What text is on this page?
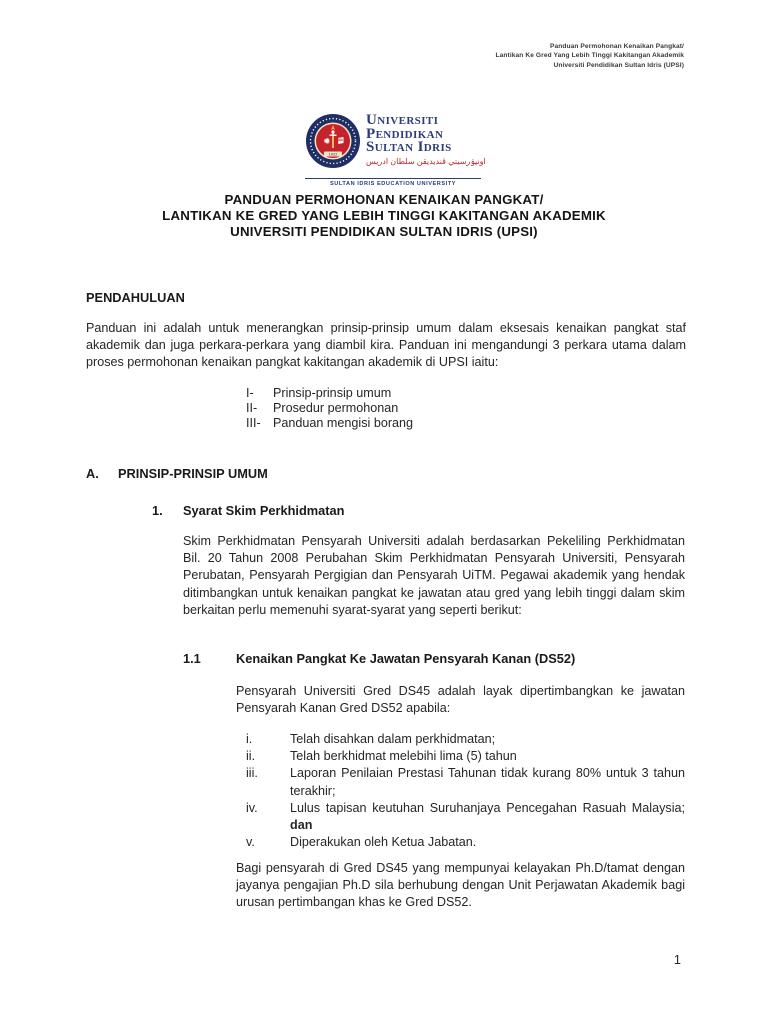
Panduan Permohonan Kenaikan Pangkat/
Lantikan Ke Gred Yang Lebih Tinggi Kakitangan Akademik
Universiti Pendidikan Sultan Idris (UPSI)
1922
Universiti
Pendidikan
Sultan Idris
اونيۏرسيتي ڤنديديقن سلطان ادريس
SULTAN IDRIS EDUCATION UNIVERSITY
PANDUAN PERMOHONAN KENAIKAN PANGKAT/
LANTIKAN KE GRED YANG LEBIH TINGGI KAKITANGAN AKADEMIK
UNIVERSITI PENDIDIKAN SULTAN IDRIS (UPSI)
PENDAHULUAN
Panduan ini adalah untuk menerangkan prinsip-prinsip umum dalam eksesais kenaikan pangkat staf akademik dan juga perkara-perkara yang diambil kira. Panduan ini mengandungi 3 perkara utama dalam proses permohonan kenaikan pangkat kakitangan akademik di UPSI iaitu:
I-	Prinsip-prinsip umum
II-	Prosedur permohonan
III- Panduan mengisi borang
A.	PRINSIP-PRINSIP UMUM
1.	Syarat Skim Perkhidmatan
Skim Perkhidmatan Pensyarah Universiti adalah berdasarkan Pekeliling Perkhidmatan Bil. 20 Tahun 2008 Perubahan Skim Perkhidmatan Pensyarah Universiti, Pensyarah Perubatan, Pensyarah Pergigian dan Pensyarah UiTM. Pegawai akademik yang hendak ditimbangkan untuk kenaikan pangkat ke jawatan atau gred yang lebih tinggi dalam skim berkaitan perlu memenuhi syarat-syarat yang seperti berikut:
1.1	Kenaikan Pangkat Ke Jawatan Pensyarah Kanan (DS52)
Pensyarah Universiti Gred DS45 adalah layak dipertimbangkan ke jawatan Pensyarah Kanan Gred DS52 apabila:
i.	Telah disahkan dalam perkhidmatan;
ii.	Telah berkhidmat melebihi lima (5) tahun
iii.	Laporan Penilaian Prestasi Tahunan tidak kurang 80% untuk 3 tahun terakhir;
iv.	Lulus tapisan keutuhan Suruhanjaya Pencegahan Rasuah Malaysia; dan
v.	Diperakukan oleh Ketua Jabatan.
Bagi pensyarah di Gred DS45 yang mempunyai kelayakan Ph.D/tamat dengan jayanya pengajian Ph.D sila berhubung dengan Unit Perjawatan Akademik bagi urusan pertimbangan khas ke Gred DS52.
1
